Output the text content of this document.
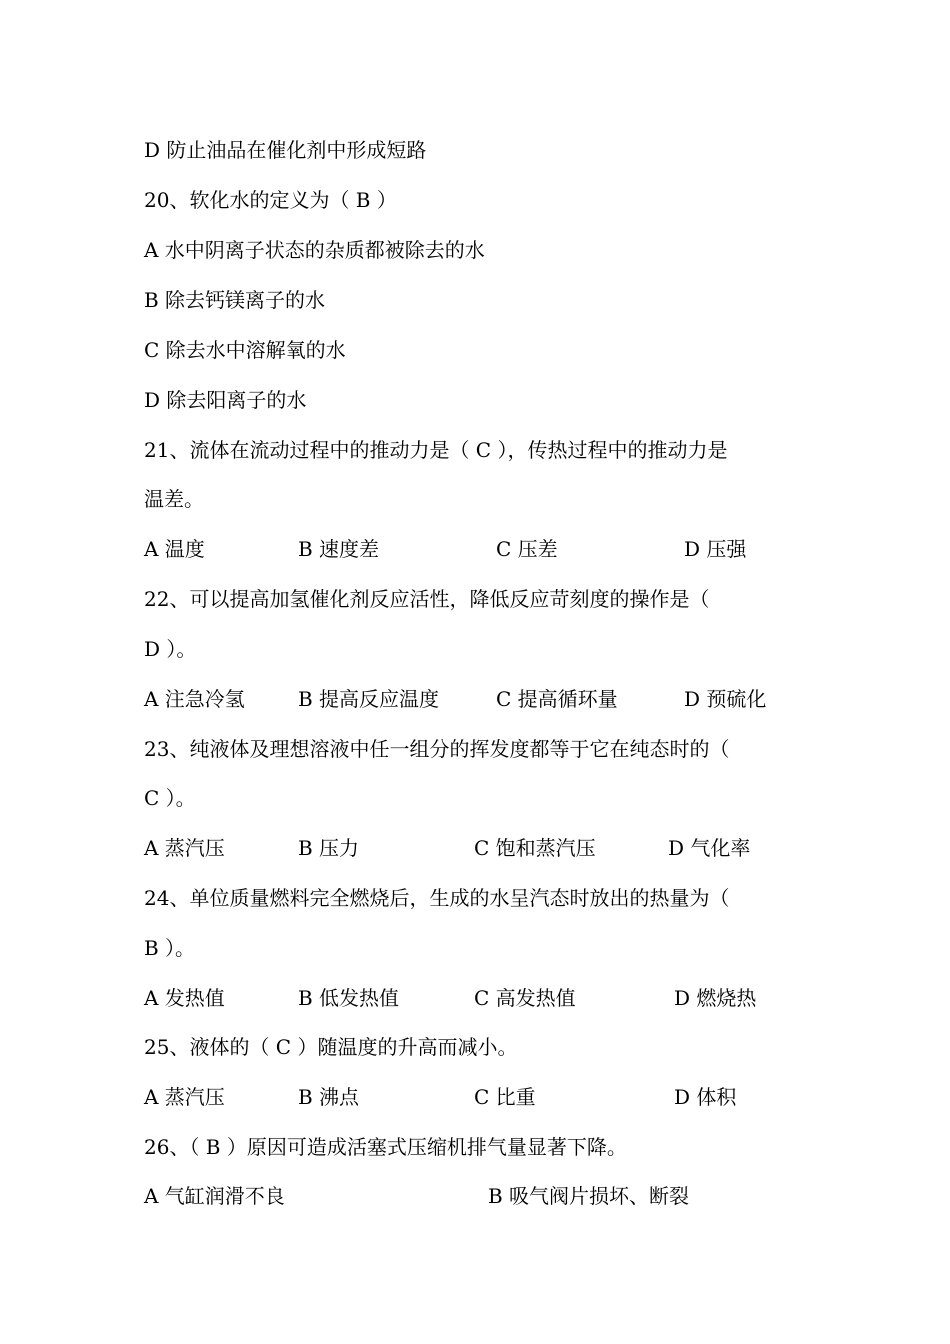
D 防止油品在催化剂中形成短路
20、软化水的定义为（ B ）
A 水中阴离子状态的杂质都被除去的水
B 除去钙镁离子的水
C 除去水中溶解氧的水
D 除去阳离子的水
21、流体在流动过程中的推动力是（ C ），传热过程中的推动力是
温差。
A 温度	B 速度差	C 压差	D 压强
22、可以提高加氢催化剂反应活性，降低反应苛刻度的操作是（
D ）。
A 注急冷氢	B 提高反应温度	C 提高循环量	D 预硫化
23、纯液体及理想溶液中任一组分的挥发度都等于它在纯态时的（
C ）。
A 蒸汽压	B 压力	C 饱和蒸汽压	D 气化率
24、单位质量燃料完全燃烧后，生成的水呈汽态时放出的热量为（
B ）。
A 发热值	B 低发热值	C 高发热值	D 燃烧热
25、液体的（ C ）随温度的升高而减小。
A 蒸汽压	B 沸点	C 比重	D 体积
26、（ B ）原因可造成活塞式压缩机排气量显著下降。
A 气缸润滑不良	B 吸气阀片损坏、断裂
